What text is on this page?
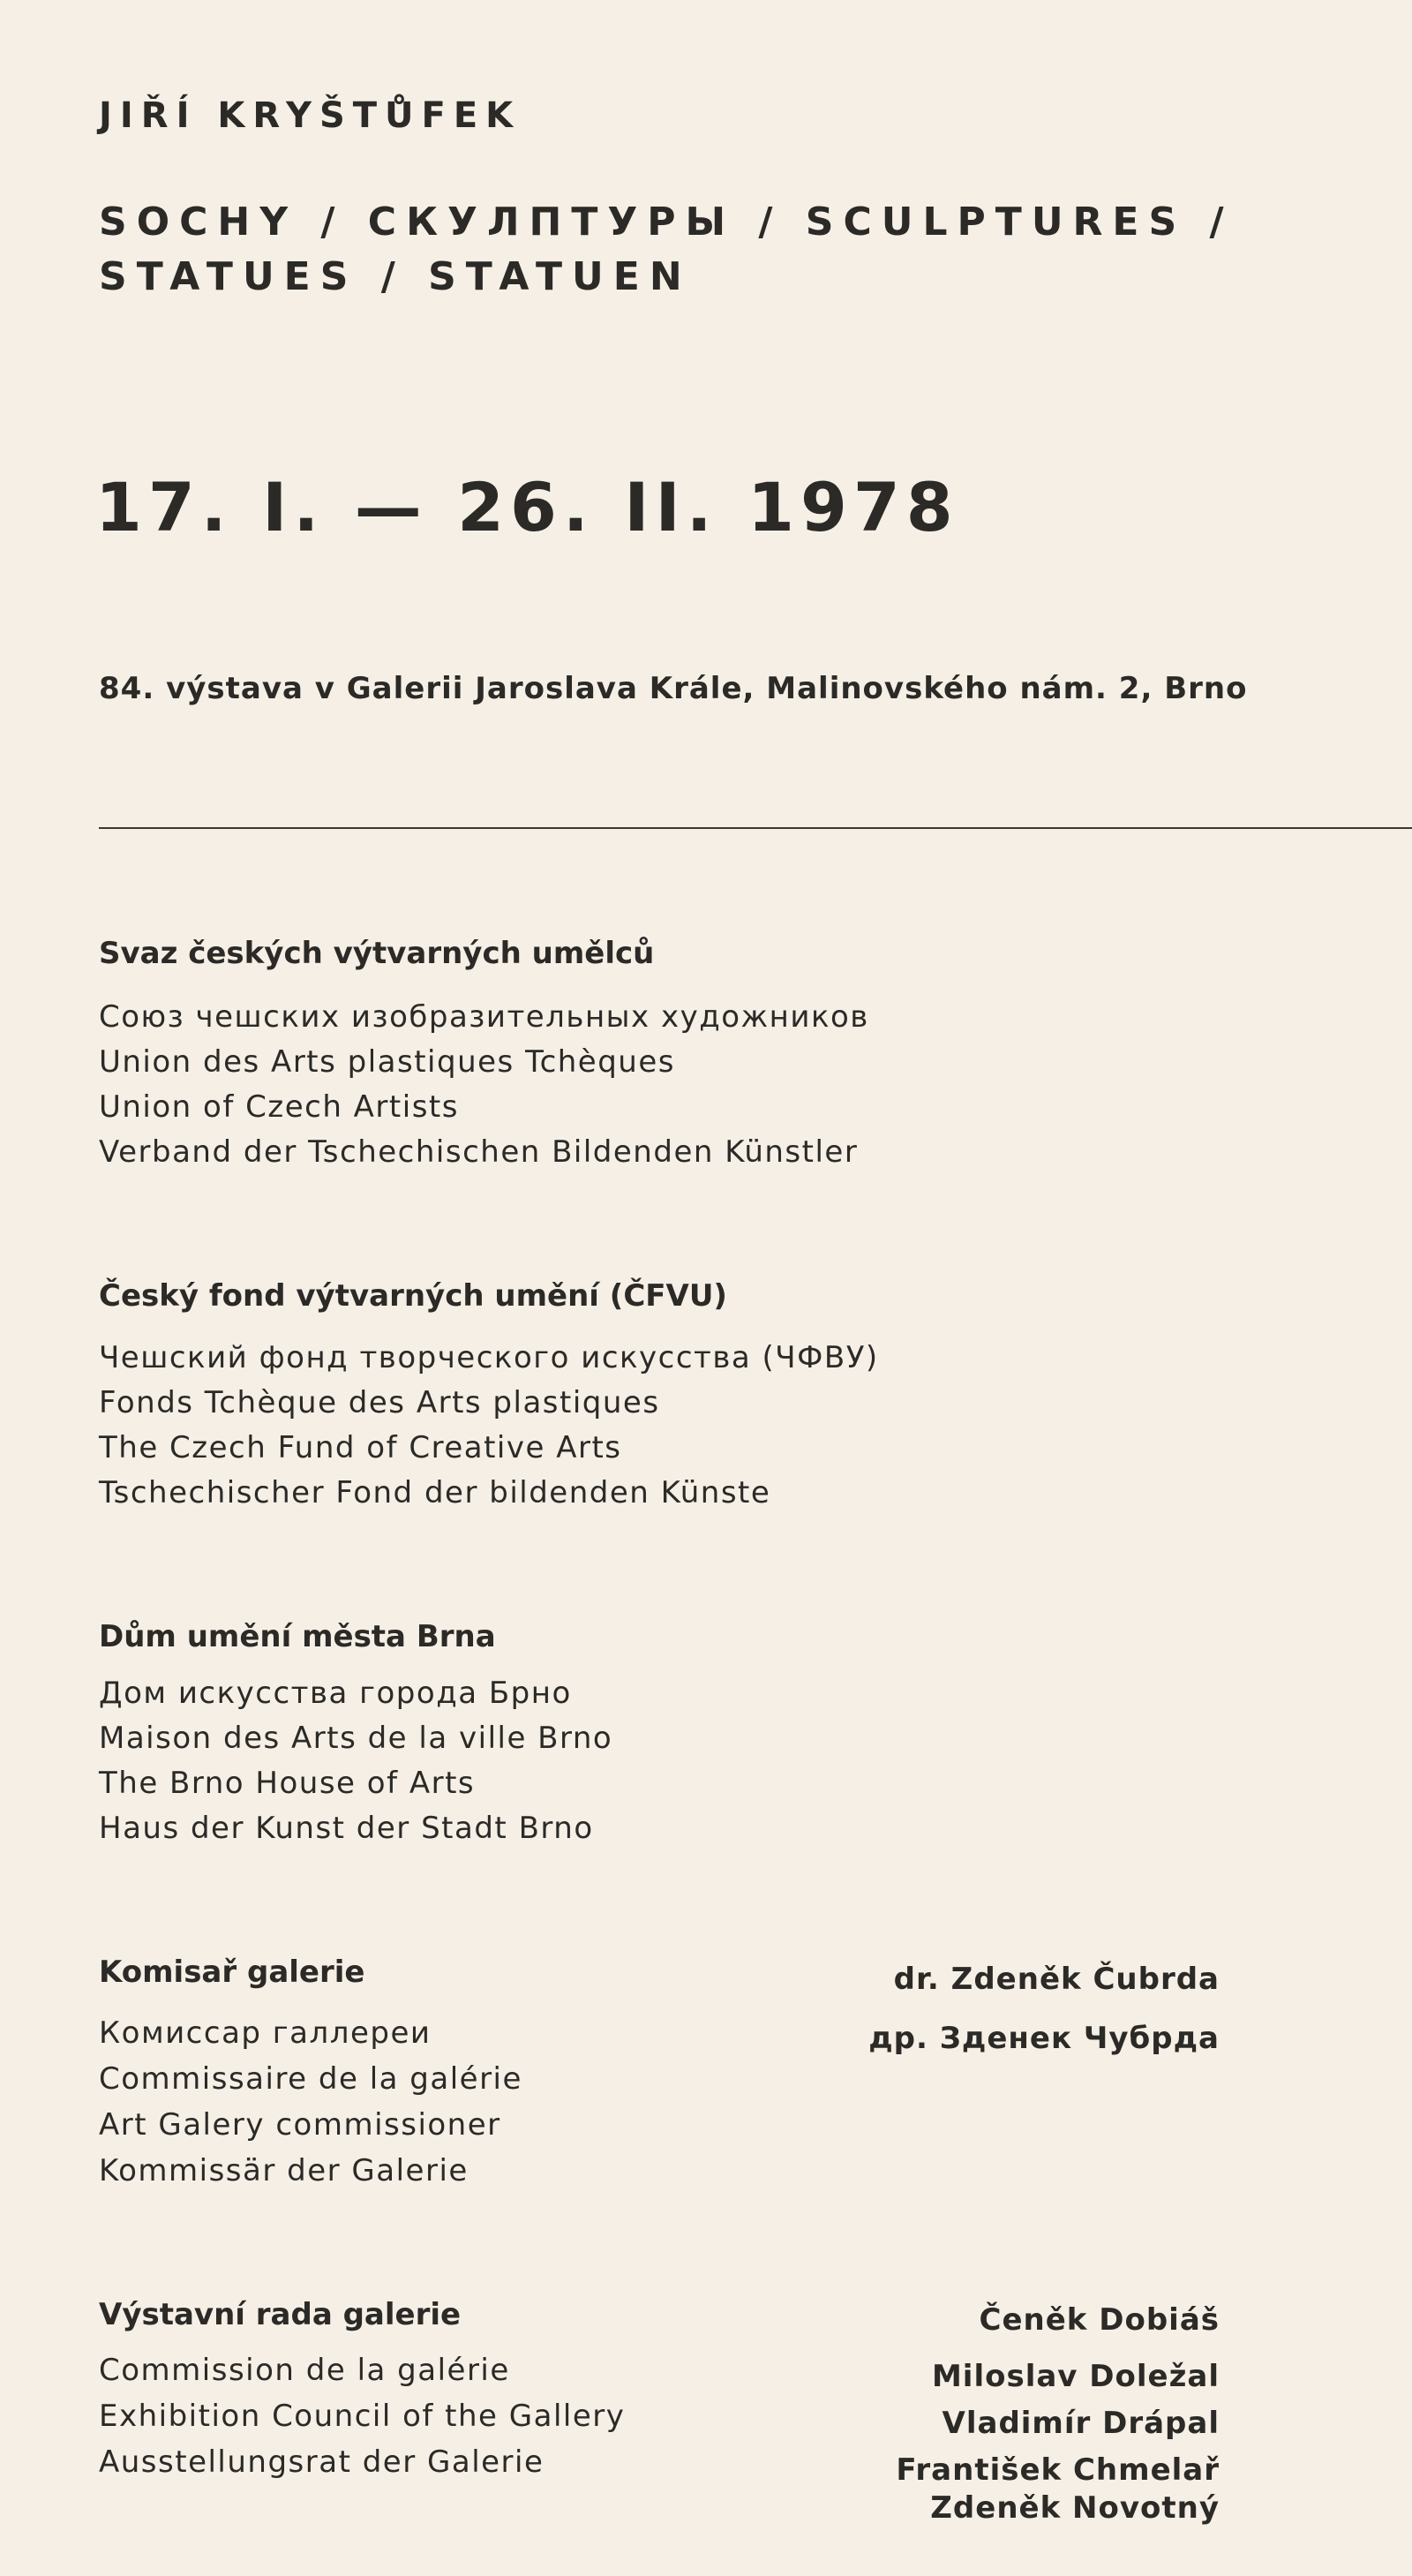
JIŘÍ KRYŠTŮFEK
SOCHY / СКУЛПТУРЫ / SCULPTURES /
STATUES / STATUEN
17. I. — 26. II. 1978
84. výstava v Galerii Jaroslava Krále, Malinovského nám. 2, Brno
Svaz českých výtvarných umělců
Союз чешских изобразительных художников
Union des Arts plastiques Tchèques
Union of Czech Artists
Verband der Tschechischen Bildenden Künstler
Český fond výtvarných umění (ČFVU)
Чешский фонд творческого искусства (ЧФВУ)
Fonds Tchèque des Arts plastiques
The Czech Fund of Creative Arts
Tschechischer Fond der bildenden Künste
Dům umění města Brna
Дом искусства города Брно
Maison des Arts de la ville Brno
The Brno House of Arts
Haus der Kunst der Stadt Brno
Komisař galerie
Комиссар галлереи
Commissaire de la galérie
Art Galery commissioner
Kommissär der Galerie
dr. Zdeněk Čubrda
др. Зденек Чубрда
Výstavní rada galerie
Commission de la galérie
Exhibition Council of the Gallery
Ausstellungsrat der Galerie
Čeněk Dobiáš
Miloslav Doležal
Vladimír Drápal
František Chmelař
Zdeněk Novotný
